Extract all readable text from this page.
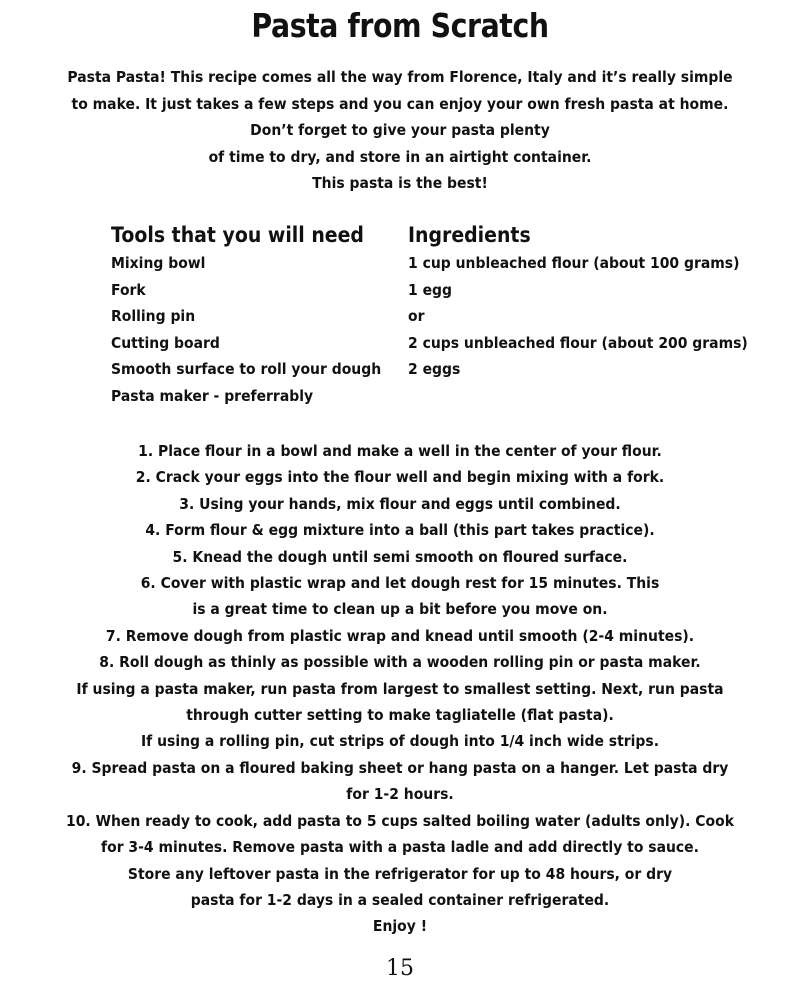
Pasta from Scratch
Pasta Pasta! This recipe comes all the way from Florence, Italy and it’s really simple
to make. It just takes a few steps and you can enjoy your own fresh pasta at home.
Don’t forget to give your pasta plenty
of time to dry, and store in an airtight container.
This pasta is the best!
Tools that you will need
Mixing bowl
Fork
Rolling pin
Cutting board
Smooth surface to roll your dough
Pasta maker - preferrably
Ingredients
1 cup unbleached flour (about 100 grams)
1 egg
or
2 cups unbleached flour (about 200 grams)
2 eggs
1. Place flour in a bowl and make a well in the center of your flour.
2. Crack your eggs into the flour well and begin mixing with a fork.
3. Using your hands, mix flour and eggs until combined.
4. Form flour & egg mixture into a ball (this part takes practice).
5. Knead the dough until semi smooth on floured surface.
6. Cover with plastic wrap and let dough rest for 15 minutes. This
is a great time to clean up a bit before you move on.
7. Remove dough from plastic wrap and knead until smooth (2-4 minutes).
8. Roll dough as thinly as possible with a wooden rolling pin or pasta maker.
If using a pasta maker, run pasta from largest to smallest setting. Next, run pasta
through cutter setting to make tagliatelle (flat pasta).
If using a rolling pin, cut strips of dough into 1/4 inch wide strips.
9. Spread pasta on a floured baking sheet or hang pasta on a hanger. Let pasta dry
for 1-2 hours.
10. When ready to cook, add pasta to 5 cups salted boiling water (adults only). Cook
for 3-4 minutes. Remove pasta with a pasta ladle and add directly to sauce.
Store any leftover pasta in the refrigerator for up to 48 hours, or dry
pasta for 1-2 days in a sealed container refrigerated.
Enjoy !
15
